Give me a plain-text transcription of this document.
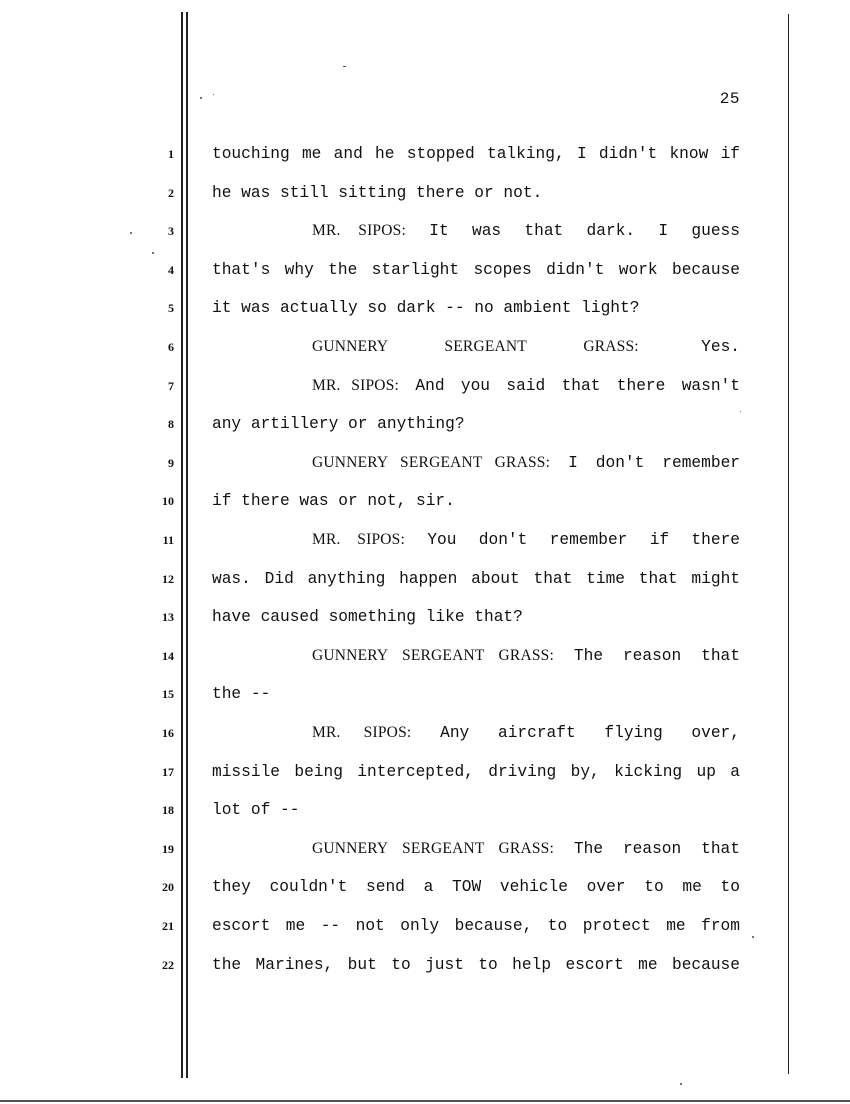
25
1 touching me and he stopped talking, I didn't know if
2 he was still sitting there or not.
3	MR. SIPOS: It was that dark. I guess
4 that's why the starlight scopes didn't work because
5 it was actually so dark -- no ambient light?
6	GUNNERY SERGEANT GRASS:	Yes.
7	MR. SIPOS: And you said that there wasn't
8 any artillery or anything?
9	GUNNERY SERGEANT GRASS: I don't remember
10 if there was or not, sir.
11	MR. SIPOS: You don't remember if there
12 was. Did anything happen about that time that might
13 have caused something like that?
14	GUNNERY SERGEANT GRASS: The reason that
15 the --
16	MR. SIPOS: Any aircraft flying over,
17 missile being intercepted, driving by, kicking up a
18 lot of --
19	GUNNERY SERGEANT GRASS: The reason that
20 they couldn't send a TOW vehicle over to me to
21 escort me -- not only because, to protect me from
22 the Marines, but to just to help escort me because
